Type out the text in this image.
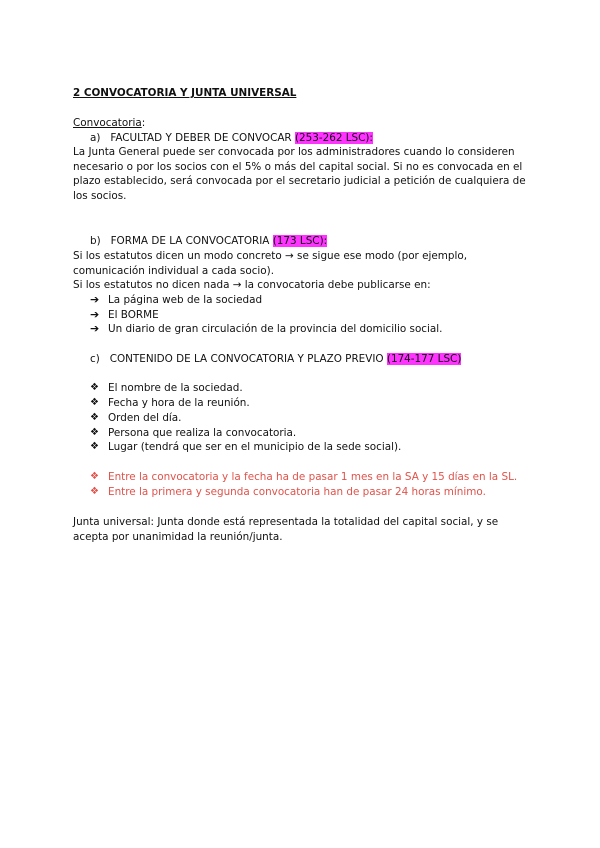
2 CONVOCATORIA Y JUNTA UNIVERSAL
Convocatoria:
a) FACULTAD Y DEBER DE CONVOCAR (253-262 LSC):
La Junta General puede ser convocada por los administradores cuando lo consideren necesario o por los socios con el 5% o más del capital social. Si no es convocada en el plazo establecido, será convocada por el secretario judicial a petición de cualquiera de los socios.
b) FORMA DE LA CONVOCATORIA (173 LSC):
Si los estatutos dicen un modo concreto → se sigue ese modo (por ejemplo, comunicación individual a cada socio).
Si los estatutos no dicen nada → la convocatoria debe publicarse en:
➔ La página web de la sociedad
➔ El BORME
➔ Un diario de gran circulación de la provincia del domicilio social.
c) CONTENIDO DE LA CONVOCATORIA Y PLAZO PREVIO (174-177 LSC)
❖ El nombre de la sociedad.
❖ Fecha y hora de la reunión.
❖ Orden del día.
❖ Persona que realiza la convocatoria.
❖ Lugar (tendrá que ser en el municipio de la sede social).
❖ Entre la convocatoria y la fecha ha de pasar 1 mes en la SA y 15 días en la SL.
❖ Entre la primera y segunda convocatoria han de pasar 24 horas mínimo.
Junta universal: Junta donde está representada la totalidad del capital social, y se acepta por unanimidad la reunión/junta.
